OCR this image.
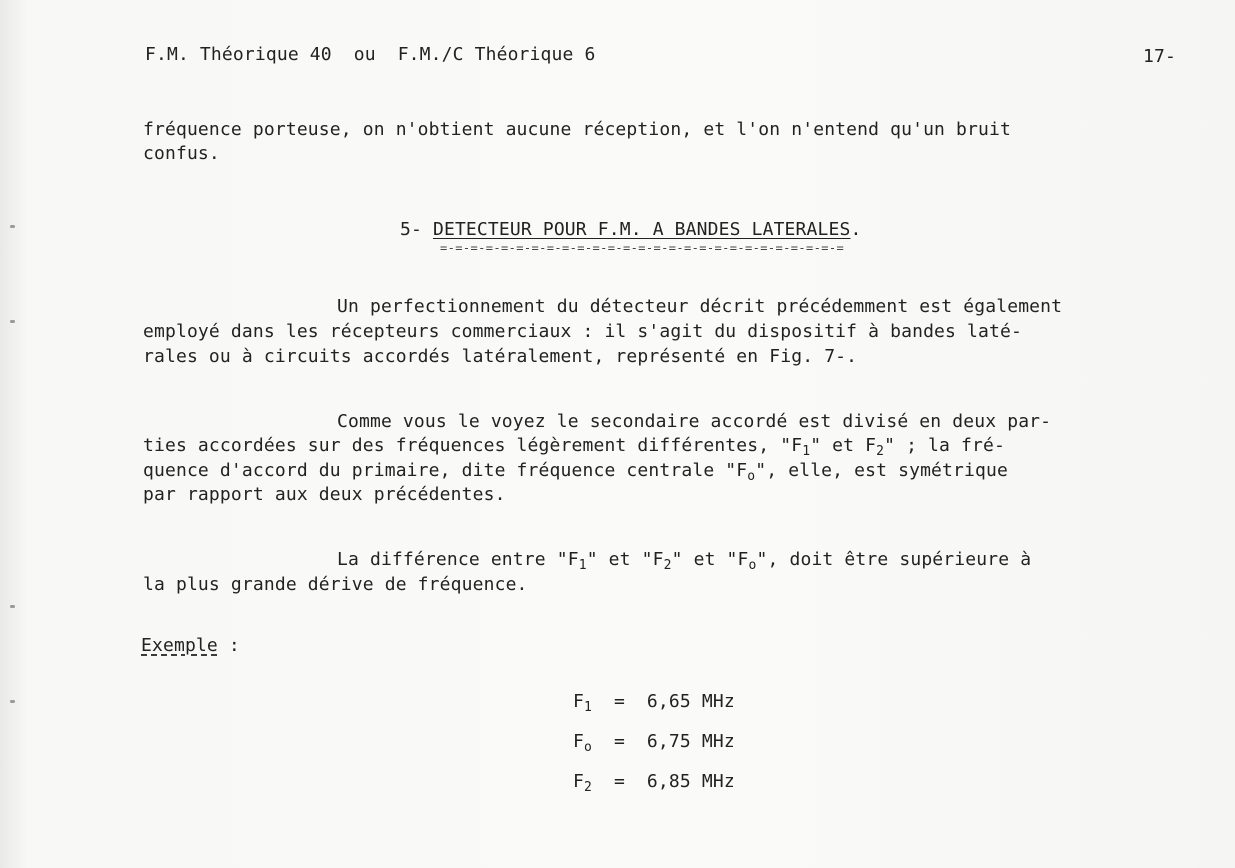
F.M. Théorique 40  ou  F.M./C Théorique 6	17-
fréquence porteuse, on n'obtient aucune réception, et l'on n'entend qu'un bruit
confus.
5- DETECTEUR POUR F.M. A BANDES LATERALES.
=-=-=-=-=-=-=-=-=-=-=-=-=-=-=-=-=-=-=-=-=-=-=-=-=-=-=
Un perfectionnement du détecteur décrit précédemment est également
employé dans les récepteurs commerciaux : il s'agit du dispositif à bandes laté-
rales ou à circuits accordés latéralement, représenté en Fig. 7-.
Comme vous le voyez le secondaire accordé est divisé en deux par-
ties accordées sur des fréquences légèrement différentes, "$F_1$" et $F_2$" ; la fré-
quence d'accord du primaire, dite fréquence centrale "$F_o$", elle, est symétrique
par rapport aux deux précédentes.
La différence entre "$F_1$" et "$F_2$" et "$F_o$", doit être supérieure à
la plus grande dérive de fréquence.
Exemple :
$F_1 = 6,65$ MHz
$F_o = 6,75$ MHz
$F_2 = 6,85$ MHz
